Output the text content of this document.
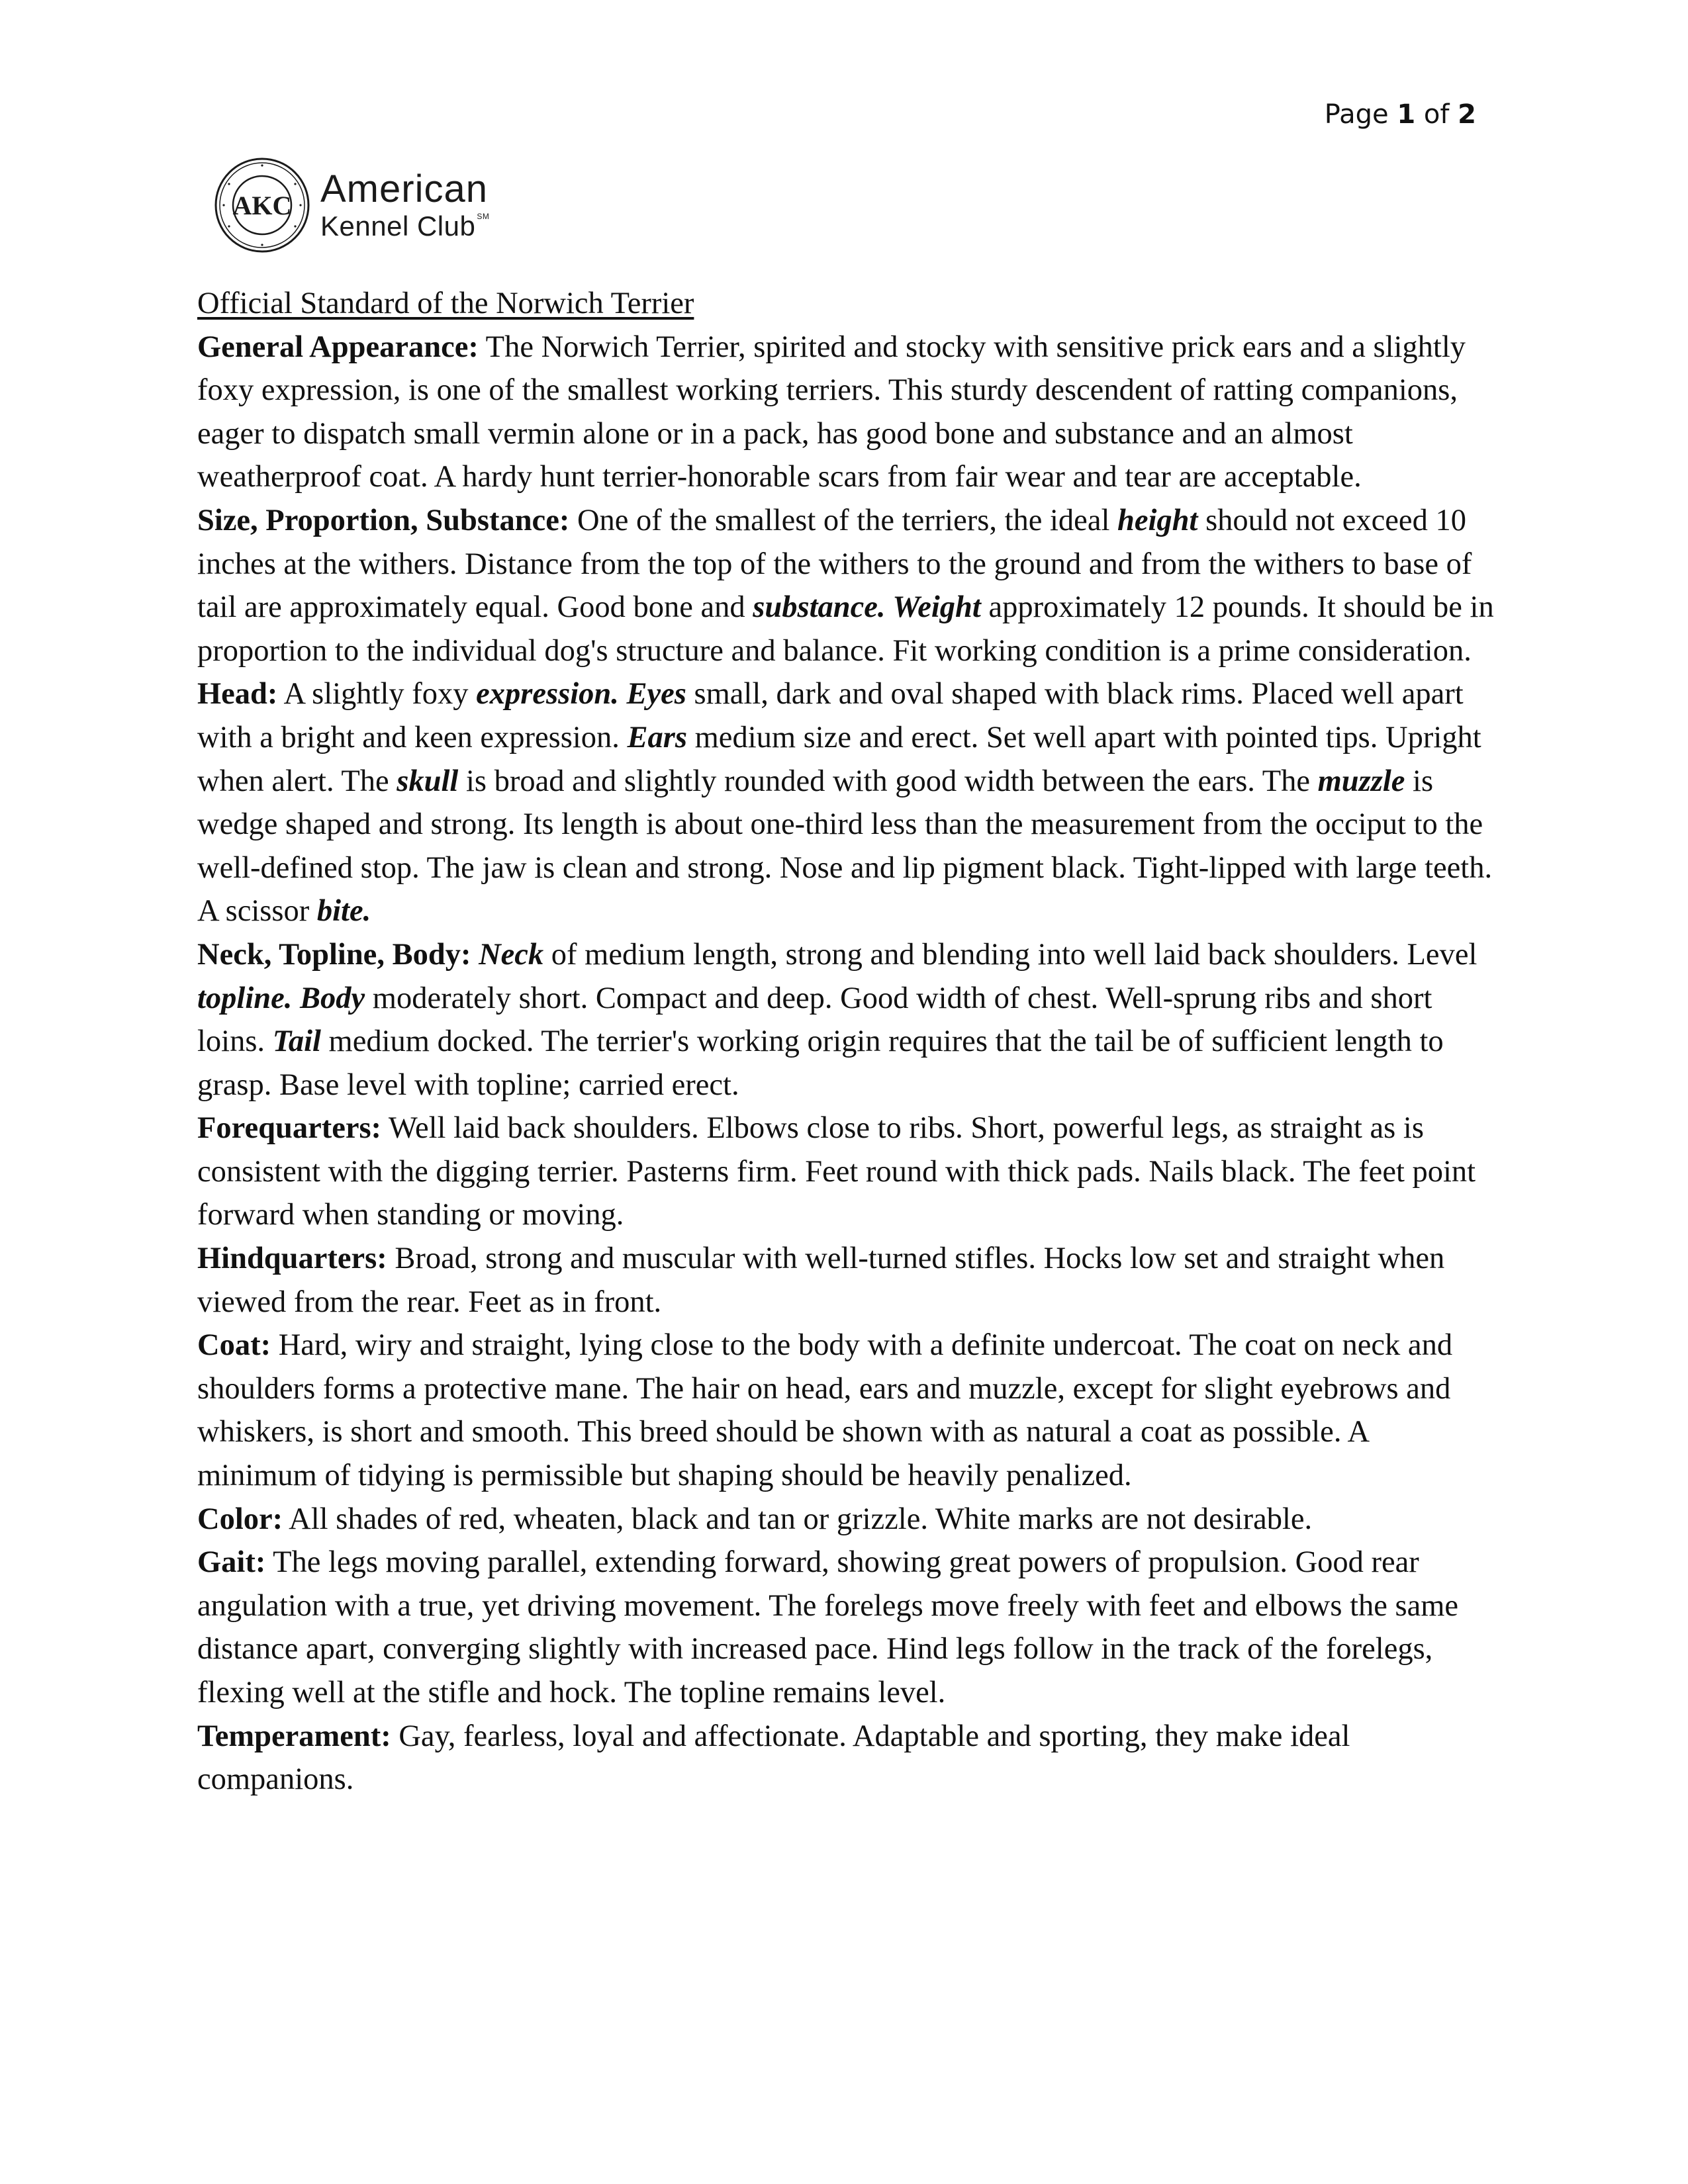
Page 1 of 2
AKC American
Kennel Club ℠

Official Standard of the Norwich Terrier

General Appearance: The Norwich Terrier, spirited and stocky with sensitive prick ears and a slightly foxy expression, is one of the smallest working terriers. This sturdy descendent of ratting companions, eager to dispatch small vermin alone or in a pack, has good bone and substance and an almost weatherproof coat. A hardy hunt terrier-honorable scars from fair wear and tear are acceptable.

Size, Proportion, Substance: One of the smallest of the terriers, the ideal height should not exceed 10 inches at the withers. Distance from the top of the withers to the ground and from the withers to base of tail are approximately equal. Good bone and substance. Weight approximately 12 pounds. It should be in proportion to the individual dog's structure and balance. Fit working condition is a prime consideration.

Head: A slightly foxy expression. Eyes small, dark and oval shaped with black rims. Placed well apart with a bright and keen expression. Ears medium size and erect. Set well apart with pointed tips. Upright when alert. The skull is broad and slightly rounded with good width between the ears. The muzzle is wedge shaped and strong. Its length is about one-third less than the measurement from the occiput to the well-defined stop. The jaw is clean and strong. Nose and lip pigment black. Tight-lipped with large teeth. A scissor bite.

Neck, Topline, Body: Neck of medium length, strong and blending into well laid back shoulders. Level topline. Body moderately short. Compact and deep. Good width of chest. Well-sprung ribs and short loins. Tail medium docked. The terrier's working origin requires that the tail be of sufficient length to grasp. Base level with topline; carried erect.

Forequarters: Well laid back shoulders. Elbows close to ribs. Short, powerful legs, as straight as is consistent with the digging terrier. Pasterns firm. Feet round with thick pads. Nails black. The feet point forward when standing or moving.

Hindquarters: Broad, strong and muscular with well-turned stifles. Hocks low set and straight when viewed from the rear. Feet as in front.

Coat: Hard, wiry and straight, lying close to the body with a definite undercoat. The coat on neck and shoulders forms a protective mane. The hair on head, ears and muzzle, except for slight eyebrows and whiskers, is short and smooth. This breed should be shown with as natural a coat as possible. A minimum of tidying is permissible but shaping should be heavily penalized.

Color: All shades of red, wheaten, black and tan or grizzle. White marks are not desirable.

Gait: The legs moving parallel, extending forward, showing great powers of propulsion. Good rear angulation with a true, yet driving movement. The forelegs move freely with feet and elbows the same distance apart, converging slightly with increased pace. Hind legs follow in the track of the forelegs, flexing well at the stifle and hock. The topline remains level.

Temperament: Gay, fearless, loyal and affectionate. Adaptable and sporting, they make ideal companions.
